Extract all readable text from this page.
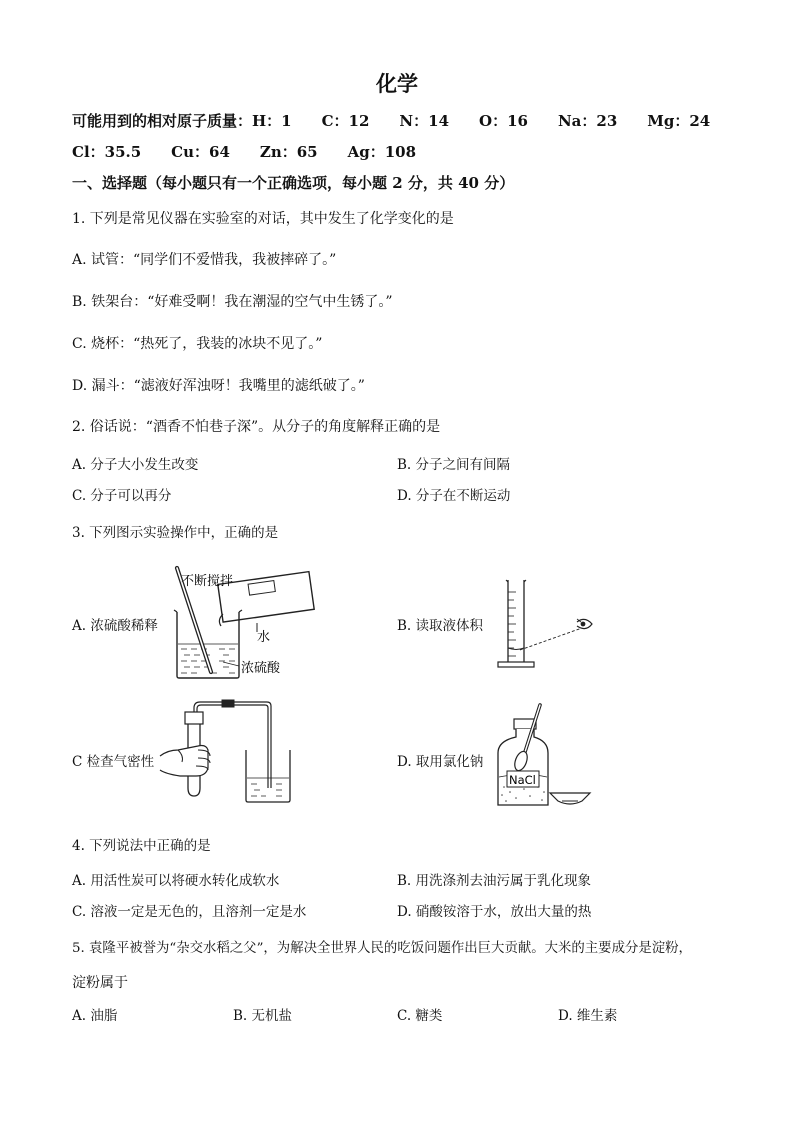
化学
可能用到的相对原子质量：H：1　　C：12　　N：14　　O：16　　Na：23　　Mg：24
Cl：35.5　　Cu：64　　Zn：65　　Ag：108
一、选择题（每小题只有一个正确选项，每小题 2 分，共 40 分）
1. 下列是常见仪器在实验室的对话，其中发生了化学变化的是
A. 试管：“同学们不爱惜我，我被摔碎了。”
B. 铁架台：“好难受啊！我在潮湿的空气中生锈了。”
C. 烧杯：“热死了，我装的冰块不见了。”
D. 漏斗：“滤液好浑浊呀！我嘴里的滤纸破了。”
2. 俗话说：“酒香不怕巷子深”。从分子的角度解释正确的是
A. 分子大小发生改变	B. 分子之间有间隔
C. 分子可以再分	D. 分子在不断运动
3. 下列图示实验操作中，正确的是
A. 浓硫酸稀释	B. 读取液体积
C 检查气密性	D. 取用氯化钠
不断搅拌
水
浓硫酸
NaCl
4. 下列说法中正确的是
A. 用活性炭可以将硬水转化成软水	B. 用洗涤剂去油污属于乳化现象
C. 溶液一定是无色的，且溶剂一定是水	D. 硝酸铵溶于水，放出大量的热
5. 袁隆平被誉为“杂交水稻之父”，为解决全世界人民的吃饭问题作出巨大贡献。大米的主要成分是淀粉，
淀粉属于
A. 油脂	B. 无机盐	C. 糖类	D. 维生素
